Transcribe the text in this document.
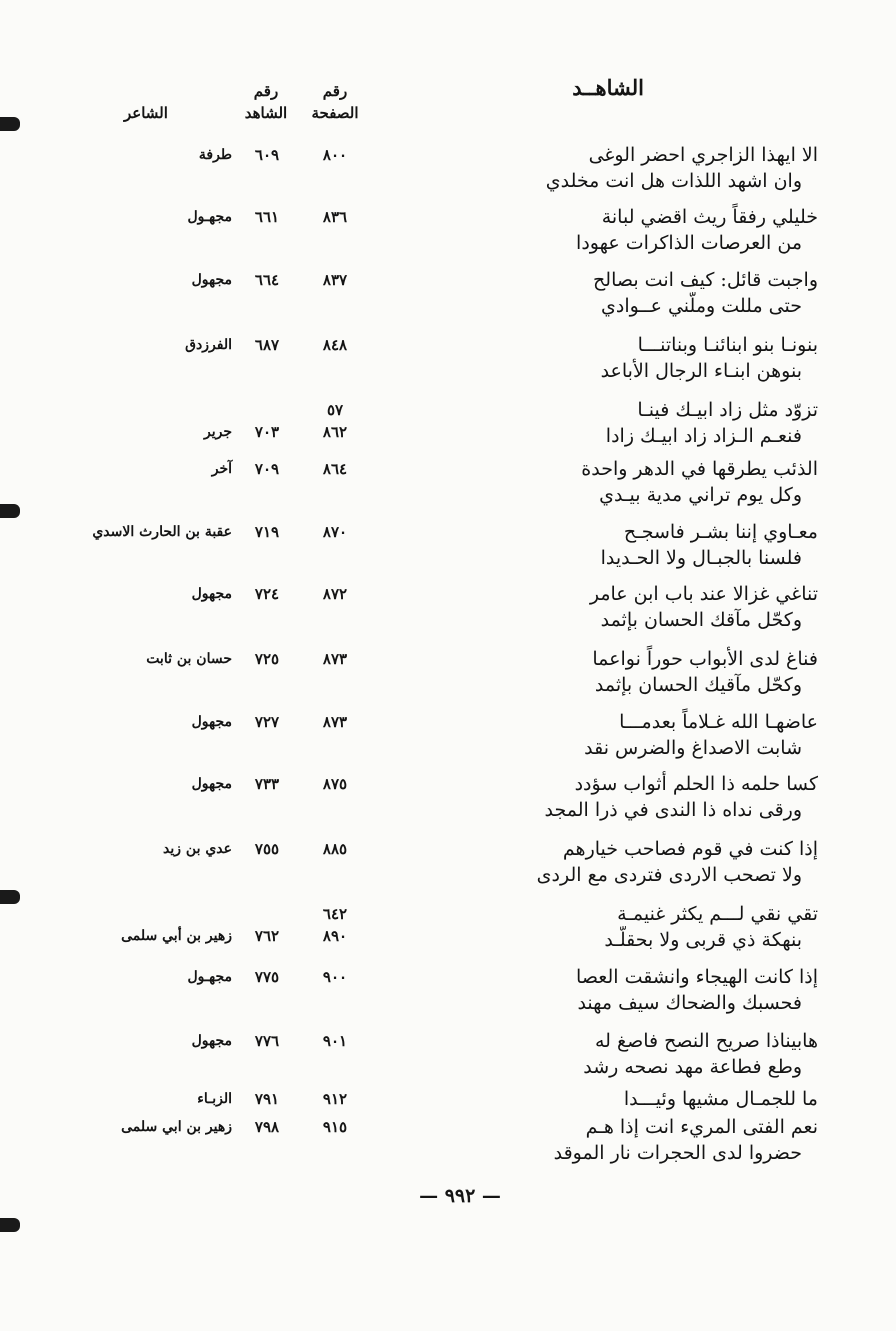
الشاهــد
رقم
الشاهد
رقم
الصفحة
الشاعر
الا ايهذا الزاجري احضر الوغى
وان اشهد اللذات هل انت مخلدي
٨٠٠
٦٠٩
طرفة
خليلي رفقاً ريث اقضي لبانة
من العرصات الذاكرات عهودا
٨٣٦
٦٦١
مجهـول
واجبت قائل: كيف انت بصالح
حتى مللت وملّني عــوادي
٨٣٧
٦٦٤
مجهول
بنونـا بنو ابنائنـا وبناتنـــا
بنوهن ابنـاء الرجال الأباعد
٨٤٨
٦٨٧
الفرزدق
تزوّد مثل زاد ابيـك فينـا
فنعـم الـزاد زاد ابيـك زادا
٥٧
٨٦٢
٧٠٣
جرير
الذئب يطرقها في الدهر واحدة
وكل يوم تراني مدية بيـدي
٨٦٤
٧٠٩
آخر
معـاوي إننا بشـر فاسجـح
فلسنا بالجبـال ولا الحـديدا
٨٧٠
٧١٩
عقبة بن الحارث الاسدي
تناغي غزالا عند باب ابن عامر
وكحّل مآقك الحسان بإثمد
٨٧٢
٧٢٤
مجهول
فناغ لدى الأبواب حوراً نواعما
وكحّل مآقيك الحسان بإثمد
٨٧٣
٧٢٥
حسان بن ثابت
عاضهـا الله غـلاماً بعدمـــا
شابت الاصداغ والضرس نقد
٨٧٣
٧٢٧
مجهول
كسا حلمه ذا الحلم أثواب سؤدد
ورقى نداه ذا الندى في ذرا المجد
٨٧٥
٧٣٣
مجهول
إذا كنت في قوم فصاحب خيارهم
ولا تصحب الاردى فتردى مع الردى
٨٨٥
٧٥٥
عدي بن زيد
تقي نقي لـــم يكثر غنيمـة
بنهكة ذي قربى ولا بحقلّـد
٦٤٢
٨٩٠
٧٦٢
زهير بن أبي سلمى
إذا كانت الهيجاء وانشقت العصا
فحسبك والضحاك سيف مهند
٩٠٠
٧٧٥
مجهـول
هابيناذا صريح النصح فاصغ له
وطع فطاعة مهد نصحه رشد
٩٠١
٧٧٦
مجهول
ما للجمـال مشيها وئيـــدا
٩١٢
٧٩١
الزبـاء
نعم الفتى المريء انت إذا هـم
حضروا لدى الحجرات نار الموقد
٩١٥
٧٩٨
زهير بن ابي سلمى
— ٩٩٢ —
